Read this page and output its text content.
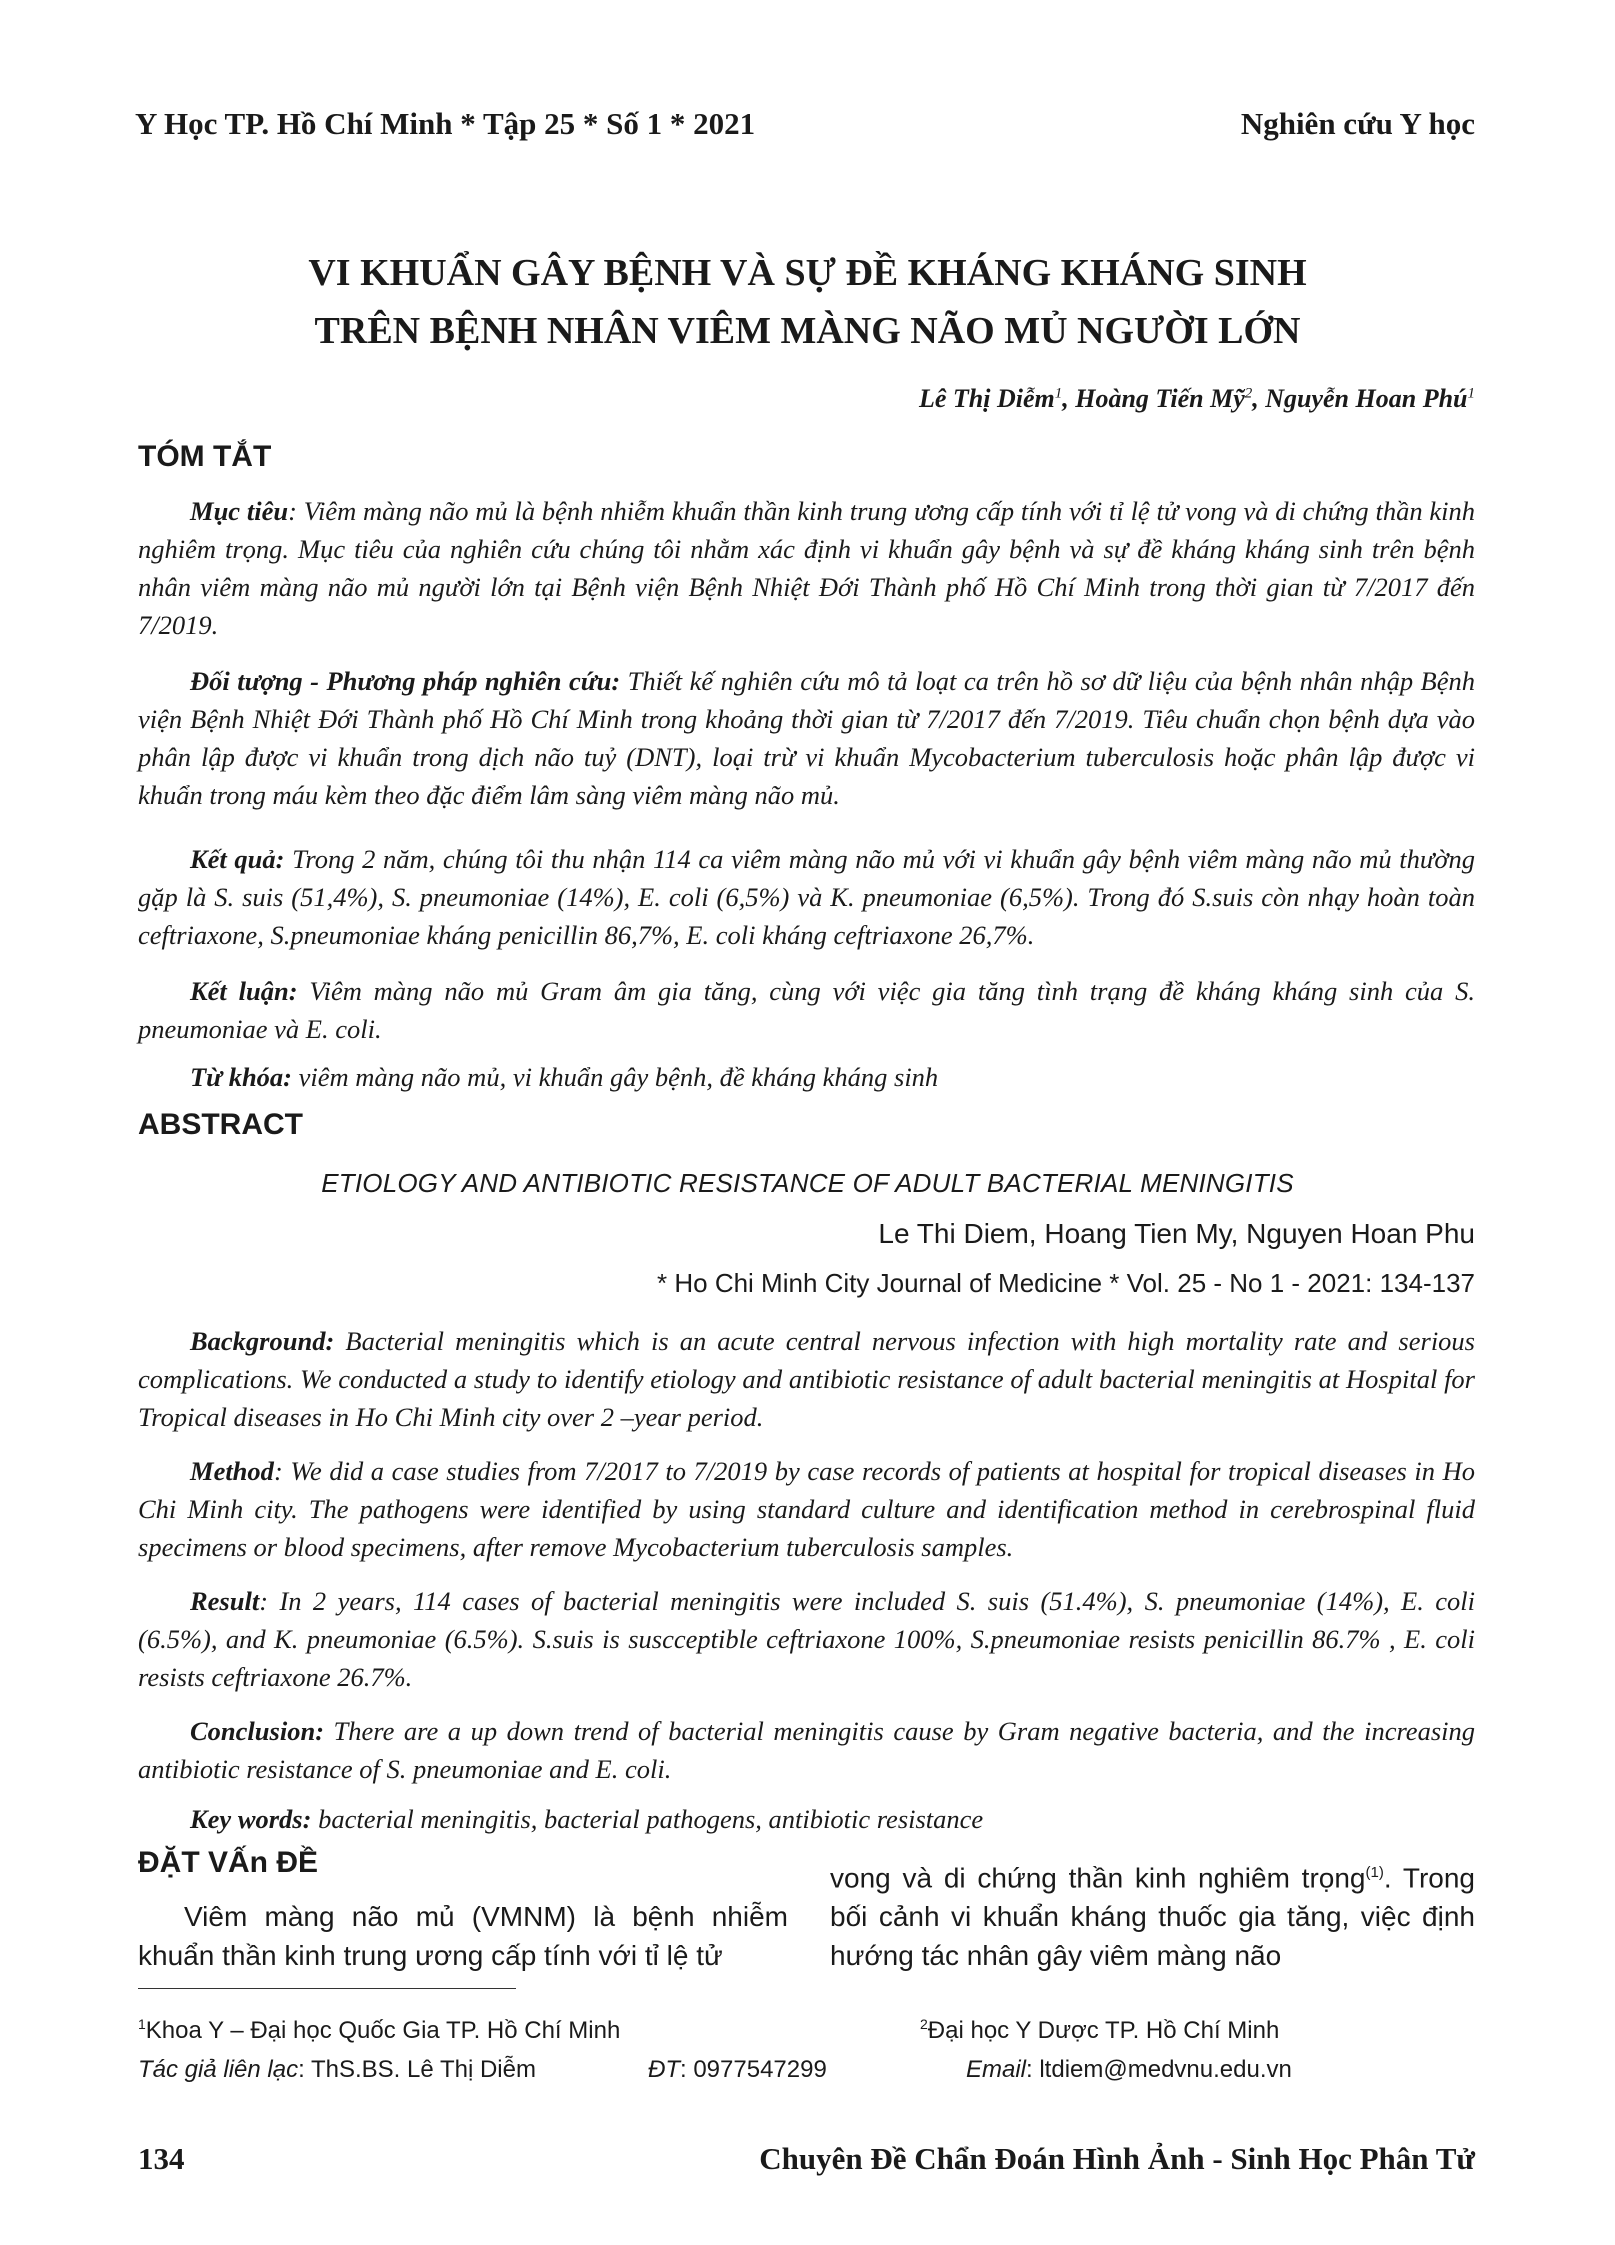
Y Học TP. Hồ Chí Minh * Tập 25 * Số 1 * 2021	Nghiên cứu Y học
VI KHUẨN GÂY BỆNH VÀ SỰ ĐỀ KHÁNG KHÁNG SINH
TRÊN BỆNH NHÂN VIÊM MÀNG NÃO MỦ NGƯỜI LỚN
Lê Thị Diễm$^1$, Hoàng Tiến Mỹ$^2$, Nguyễn Hoan Phú$^1$
TÓM TẮT
Mục tiêu: Viêm màng não mủ là bệnh nhiễm khuẩn thần kinh trung ương cấp tính với tỉ lệ tử vong và di chứng thần kinh nghiêm trọng. Mục tiêu của nghiên cứu chúng tôi nhằm xác định vi khuẩn gây bệnh và sự đề kháng kháng sinh trên bệnh nhân viêm màng não mủ người lớn tại Bệnh viện Bệnh Nhiệt Đới Thành phố Hồ Chí Minh trong thời gian từ 7/2017 đến 7/2019.
Đối tượng - Phương pháp nghiên cứu: Thiết kế nghiên cứu mô tả loạt ca trên hồ sơ dữ liệu của bệnh nhân nhập Bệnh viện Bệnh Nhiệt Đới Thành phố Hồ Chí Minh trong khoảng thời gian từ 7/2017 đến 7/2019. Tiêu chuẩn chọn bệnh dựa vào phân lập được vi khuẩn trong dịch não tuỷ (DNT), loại trừ vi khuẩn Mycobacterium tuberculosis hoặc phân lập được vi khuẩn trong máu kèm theo đặc điểm lâm sàng viêm màng não mủ.
Kết quả: Trong 2 năm, chúng tôi thu nhận 114 ca viêm màng não mủ với vi khuẩn gây bệnh viêm màng não mủ thường gặp là S. suis (51,4%), S. pneumoniae (14%), E. coli (6,5%) và K. pneumoniae (6,5%). Trong đó S.suis còn nhạy hoàn toàn ceftriaxone, S.pneumoniae kháng penicillin 86,7%, E. coli kháng ceftriaxone 26,7%.
Kết luận: Viêm màng não mủ Gram âm gia tăng, cùng với việc gia tăng tình trạng đề kháng kháng sinh của S. pneumoniae và E. coli.
Từ khóa: viêm màng não mủ, vi khuẩn gây bệnh, đề kháng kháng sinh
ABSTRACT
ETIOLOGY AND ANTIBIOTIC RESISTANCE OF ADULT BACTERIAL MENINGITIS
Le Thi Diem, Hoang Tien My, Nguyen Hoan Phu
* Ho Chi Minh City Journal of Medicine * Vol. 25 - No 1 - 2021: 134-137
Background: Bacterial meningitis which is an acute central nervous infection with high mortality rate and serious complications. We conducted a study to identify etiology and antibiotic resistance of adult bacterial meningitis at Hospital for Tropical diseases in Ho Chi Minh city over 2 –year period.
Method: We did a case studies from 7/2017 to 7/2019 by case records of patients at hospital for tropical diseases in Ho Chi Minh city. The pathogens were identified by using standard culture and identification method in cerebrospinal fluid specimens or blood specimens, after remove Mycobacterium tuberculosis samples.
Result: In 2 years, 114 cases of bacterial meningitis were included S. suis (51.4%), S. pneumoniae (14%), E. coli (6.5%), and K. pneumoniae (6.5%). S.suis is suscceptible ceftriaxone 100%, S.pneumoniae resists penicillin 86.7% , E. coli resists ceftriaxone 26.7%.
Conclusion: There are a up down trend of bacterial meningitis cause by Gram negative bacteria, and the increasing antibiotic resistance of S. pneumoniae and E. coli.
Key words: bacterial meningitis, bacterial pathogens, antibiotic resistance
ĐẶT VẤn ĐỀ
Viêm màng não mủ (VMNM) là bệnh nhiễm khuẩn thần kinh trung ương cấp tính với tỉ lệ tử
vong và di chứng thần kinh nghiêm trọng$^{(1)}$. Trong bối cảnh vi khuẩn kháng thuốc gia tăng, việc định hướng tác nhân gây viêm màng não
$^1$Khoa Y – Đại học Quốc Gia TP. Hồ Chí Minh	$^2$Đại học Y Dược TP. Hồ Chí Minh
Tác giả liên lạc: ThS.BS. Lê Thị Diễm	ĐT: 0977547299	Email: ltdiem@medvnu.edu.vn
134	Chuyên Đề Chẩn Đoán Hình Ảnh - Sinh Học Phân Tử
